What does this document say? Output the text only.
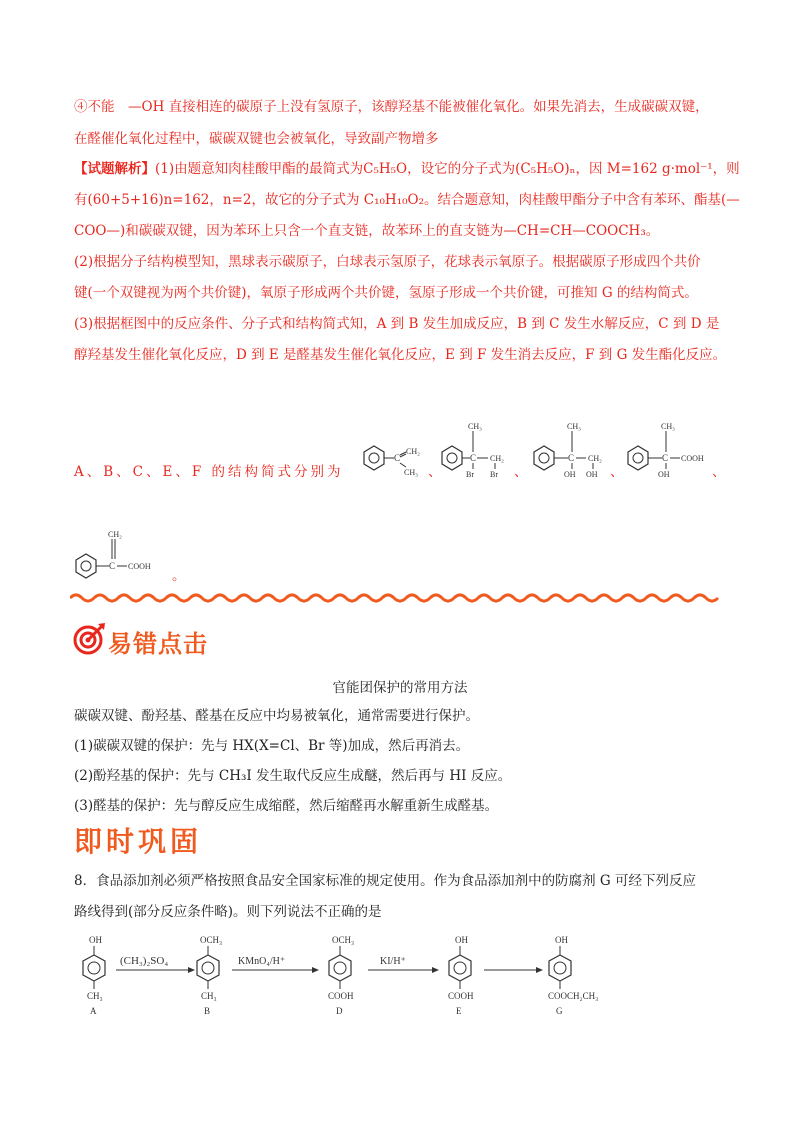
④不能　—OH 直接相连的碳原子上没有氢原子，该醇羟基不能被催化氧化。如果先消去，生成碳碳双键，
在醛催化氧化过程中，碳碳双键也会被氧化，导致副产物增多
【试题解析】(1)由题意知肉桂酸甲酯的最简式为C₅H₅O，设它的分子式为(C₅H₅O)ₙ，因 M=162 g·mol⁻¹，则
有(60+5+16)n=162，n=2，故它的分子式为 C₁₀H₁₀O₂。结合题意知，肉桂酸甲酯分子中含有苯环、酯基(—
COO—)和碳碳双键，因为苯环上只含一个直支链，故苯环上的直支链为—CH=CH—COOCH₃。
(2)根据分子结构模型知，黑球表示碳原子，白球表示氢原子，花球表示氧原子。根据碳原子形成四个共价
键(一个双键视为两个共价键)，氧原子形成两个共价键，氢原子形成一个共价键，可推知 G 的结构简式。
(3)根据框图中的反应条件、分子式和结构简式知，A 到 B 发生加成反应，B 到 C 发生水解反应，C 到 D 是
醇羟基发生催化氧化反应，D 到 E 是醛基发生催化氧化反应，E 到 F 发生消去反应，F 到 G 发生酯化反应。
A、B、C、E、F 的结构简式分别为
C
CH₂
CH₃ 、
CH₃
C CH₂
Br Br 、
CH₃
C CH₂
OH OH 、
CH₃
C COOH
OH	、
CH₂
C COOH
。
易错点击
官能团保护的常用方法
碳碳双键、酚羟基、醛基在反应中均易被氧化，通常需要进行保护。
(1)碳碳双键的保护：先与 HX(X=Cl、Br 等)加成，然后再消去。
(2)酚羟基的保护：先与 CH₃I 发生取代反应生成醚，然后再与 HI 反应。
(3)醛基的保护：先与醇反应生成缩醛，然后缩醛再水解重新生成醛基。
即时巩固
8．食品添加剂必须严格按照食品安全国家标准的规定使用。作为食品添加剂中的防腐剂 G 可经下列反应
路线得到(部分反应条件略)。则下列说法不正确的是
OH
CH₃
A
(CH₃)₂SO₄
OCH₃
CH₃
B
KMnO₄/H⁺
OCH₃
COOH
D
KI/H⁺
OH
COOH
E
OH
COOCH₂CH₃
G
